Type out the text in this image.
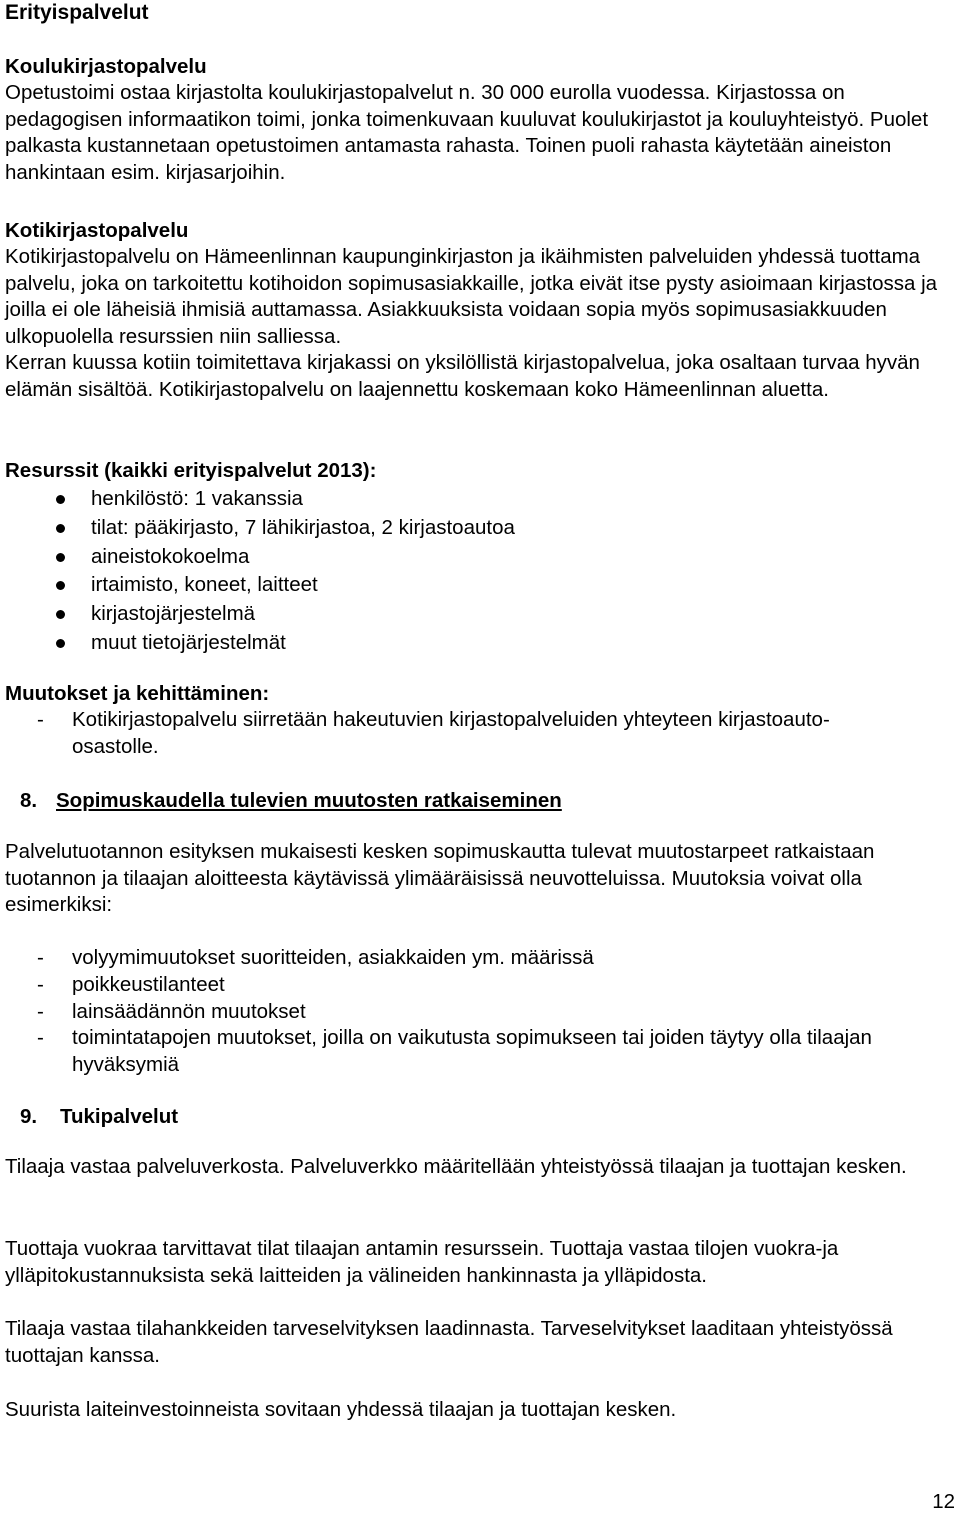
Erityispalvelut
Koulukirjastopalvelu
Opetustoimi ostaa kirjastolta koulukirjastopalvelut n. 30 000 eurolla vuodessa. Kirjastossa on pedagogisen informaatikon toimi, jonka toimenkuvaan kuuluvat koulukirjastot ja kouluyhteistyö. Puolet palkasta kustannetaan opetustoimen antamasta rahasta. Toinen puoli rahasta käytetään aineiston hankintaan esim. kirjasarjoihin.
Kotikirjastopalvelu
Kotikirjastopalvelu on Hämeenlinnan kaupunginkirjaston ja ikäihmisten palveluiden yhdessä tuottama palvelu, joka on tarkoitettu kotihoidon sopimusasiakkaille, jotka eivät itse pysty asioimaan kirjastossa ja joilla ei ole läheisiä ihmisiä auttamassa. Asiakkuuksista voidaan sopia myös sopimusasiakkuuden ulkopuolella resurssien niin salliessa.
Kerran kuussa kotiin toimitettava kirjakassi on yksilöllistä kirjastopalvelua, joka osaltaan turvaa hyvän elämän sisältöä. Kotikirjastopalvelu on laajennettu koskemaan koko Hämeenlinnan aluetta.
Resurssit (kaikki erityispalvelut 2013):
henkilöstö: 1 vakanssia
tilat: pääkirjasto, 7 lähikirjastoa, 2 kirjastoautoa
aineistokokoelma
irtaimisto, koneet, laitteet
kirjastojärjestelmä
muut tietojärjestelmät
Muutokset ja kehittäminen:
- Kotikirjastopalvelu siirretään hakeutuvien kirjastopalveluiden yhteyteen kirjastoauto-osastolle.
8. Sopimuskaudella tulevien muutosten ratkaiseminen
Palvelutuotannon esityksen mukaisesti kesken sopimuskautta tulevat muutostarpeet ratkaistaan tuotannon ja tilaajan aloitteesta käytävissä ylimääräisissä neuvotteluissa. Muutoksia voivat olla esimerkiksi:
- volyymimuutokset suoritteiden, asiakkaiden ym. määrissä
- poikkeustilanteet
- lainsäädännön muutokset
- toimintatapojen muutokset, joilla on vaikutusta sopimukseen tai joiden täytyy olla tilaajan hyväksymiä
9. Tukipalvelut
Tilaaja vastaa palveluverkosta. Palveluverkko määritellään yhteistyössä tilaajan ja tuottajan kesken.
Tuottaja vuokraa tarvittavat tilat tilaajan antamin resurssein. Tuottaja vastaa tilojen vuokra-ja ylläpitokustannuksista sekä laitteiden ja välineiden hankinnasta ja ylläpidosta.
Tilaaja vastaa tilahankkeiden tarveselvityksen laadinnasta. Tarveselvitykset laaditaan yhteistyössä tuottajan kanssa.
Suurista laiteinvestoinneista sovitaan yhdessä tilaajan ja tuottajan kesken.
12
